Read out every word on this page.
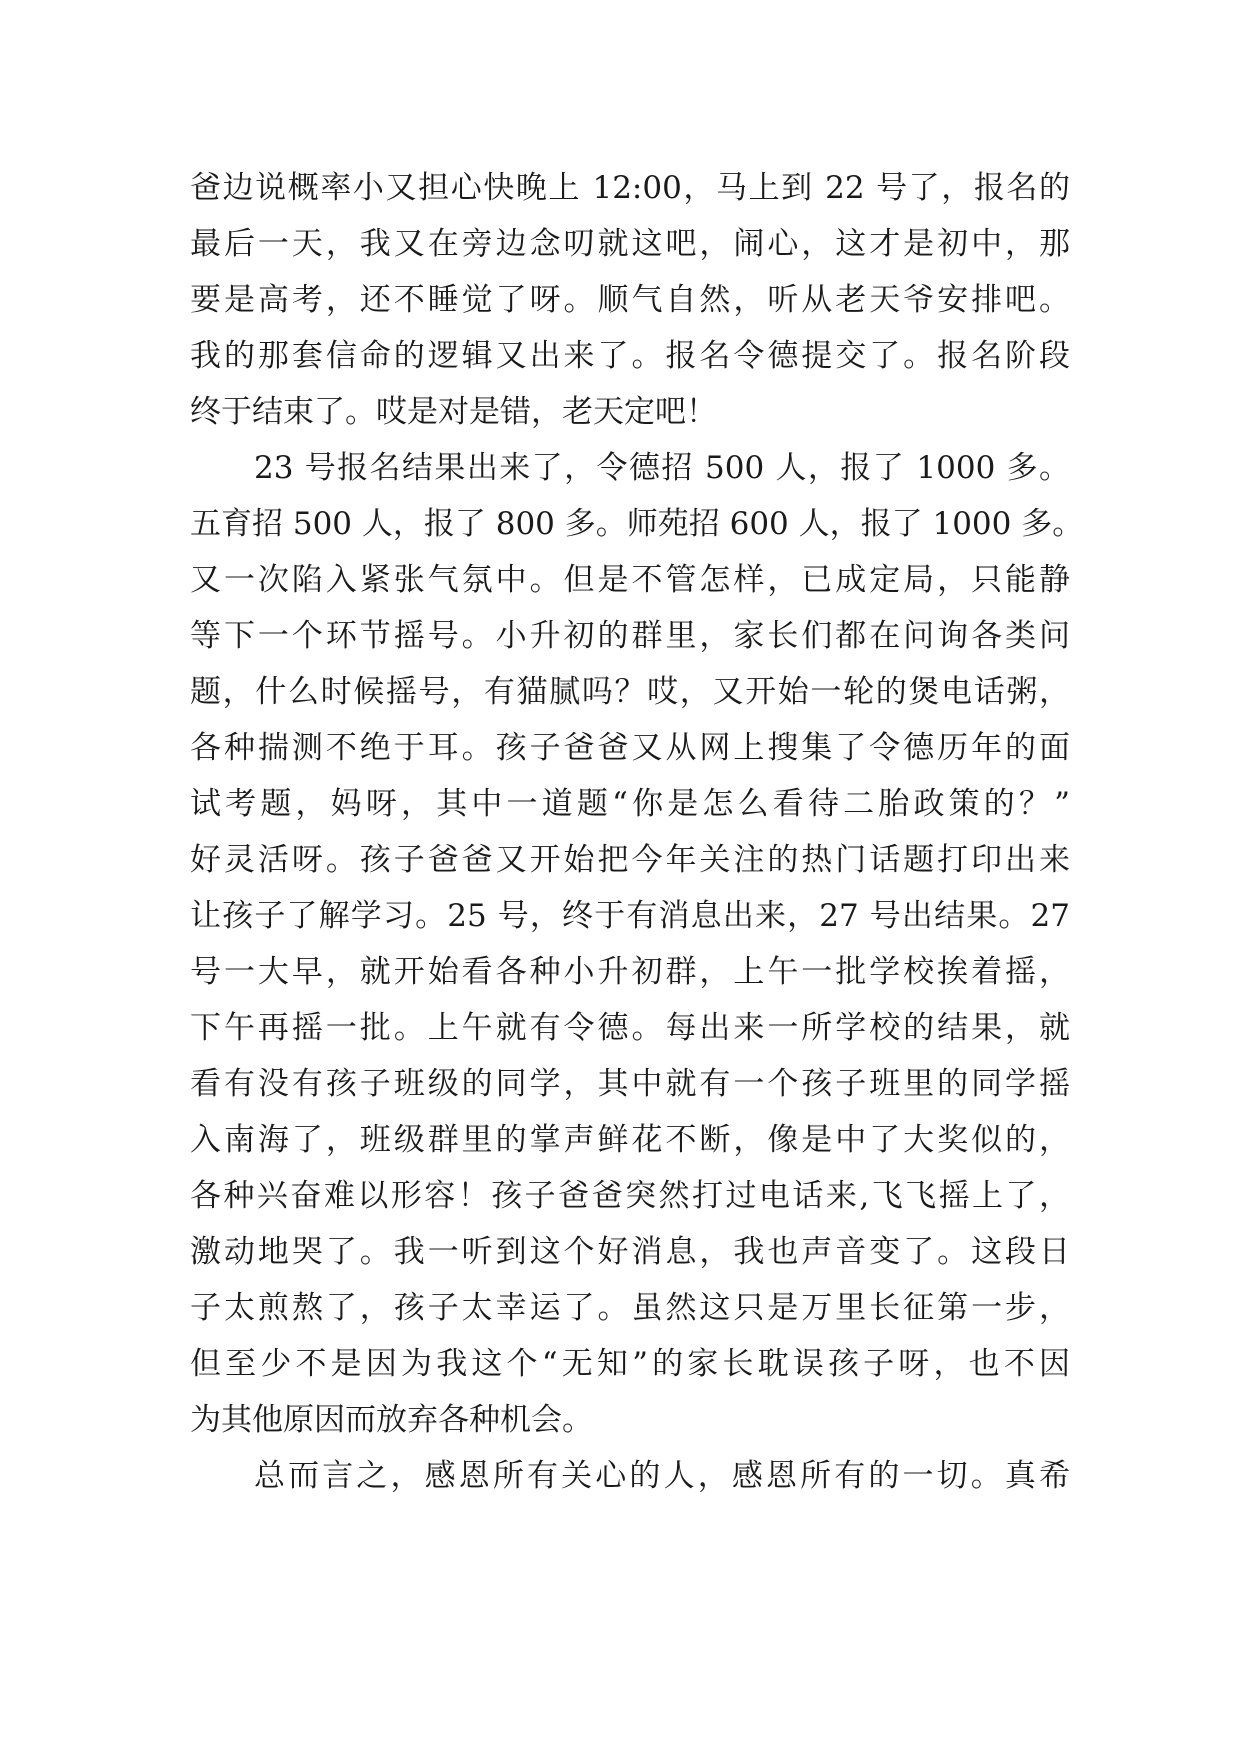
爸边说概率小又担心快晚上 12:00，马上到 22 号了，报名的
最后一天，我又在旁边念叨就这吧，闹心，这才是初中，那
要是高考，还不睡觉了呀。顺气自然，听从老天爷安排吧。
我的那套信命的逻辑又出来了。报名令德提交了。报名阶段
终于结束了。哎是对是错，老天定吧！
23 号报名结果出来了，令德招 500 人，报了 1000 多。
五育招 500 人，报了 800 多。师苑招 600 人，报了 1000 多。
又一次陷入紧张气氛中。但是不管怎样，已成定局，只能静
等下一个环节摇号。小升初的群里，家长们都在问询各类问
题，什么时候摇号，有猫腻吗？哎，又开始一轮的煲电话粥，
各种揣测不绝于耳。孩子爸爸又从网上搜集了令德历年的面
试考题，妈呀，其中一道题“你是怎么看待二胎政策的？”
好灵活呀。孩子爸爸又开始把今年关注的热门话题打印出来
让孩子了解学习。25 号，终于有消息出来，27 号出结果。27
号一大早，就开始看各种小升初群，上午一批学校挨着摇，
下午再摇一批。上午就有令德。每出来一所学校的结果，就
看有没有孩子班级的同学，其中就有一个孩子班里的同学摇
入南海了，班级群里的掌声鲜花不断，像是中了大奖似的，
各种兴奋难以形容！孩子爸爸突然打过电话来,飞飞摇上了，
激动地哭了。我一听到这个好消息，我也声音变了。这段日
子太煎熬了，孩子太幸运了。虽然这只是万里长征第一步，
但至少不是因为我这个“无知”的家长耽误孩子呀，也不因
为其他原因而放弃各种机会。
总而言之，感恩所有关心的人，感恩所有的一切。真希
